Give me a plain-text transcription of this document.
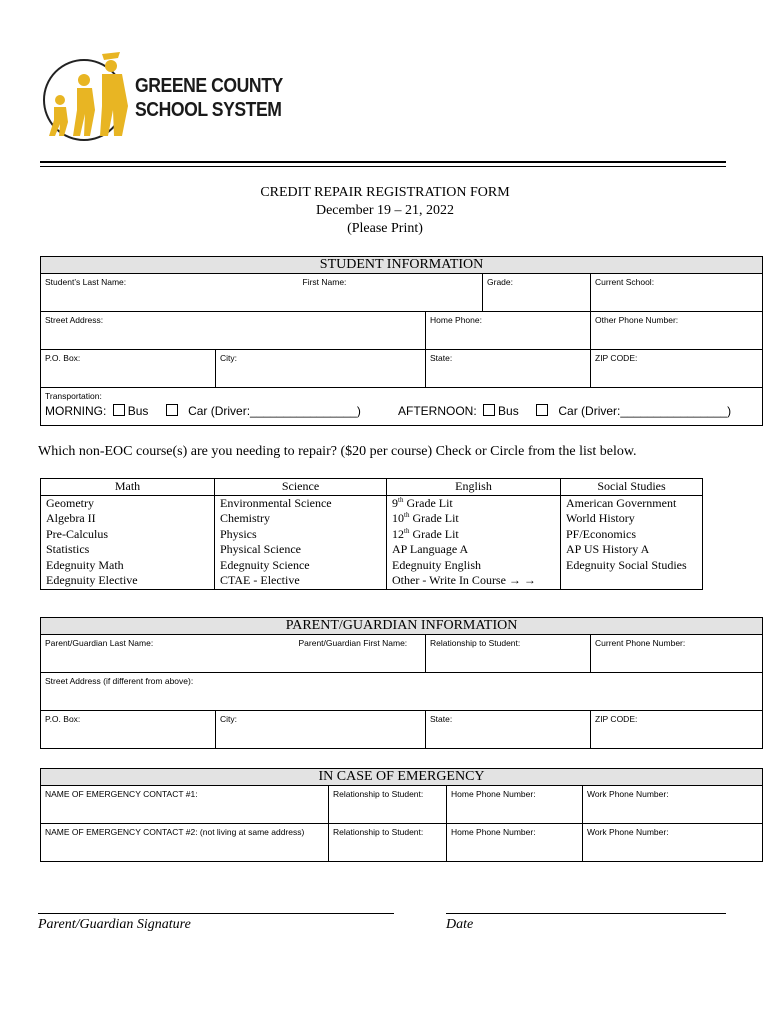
GREENE COUNTY
SCHOOL SYSTEM
CREDIT REPAIR REGISTRATION FORM
December 19 – 21, 2022
(Please Print)
STUDENT INFORMATION				
Student’s Last Name: First Name:			Grade:	Current School:
Street Address:		Home Phone:		Other Phone Number:
P.O. Box:	City:	State:		ZIP CODE:

Transportation:
MORNING: Bus Car (Driver:________________) AFTERNOON: Bus Car (Driver:________________)				
Which non-EOC course(s) are you needing to repair? ($20 per course) Check or Circle from the list below.
Math	Science	English	Social Studies
Geometry	Environmental Science	9th Grade Lit	American Government
Algebra II	Chemistry	10th Grade Lit	World History
Pre-Calculus	Physics	12th Grade Lit	PF/Economics
Statistics	Physical Science	AP Language A	AP US History A
Edegnuity Math	Edegnuity Science	Edegnuity English	Edegnuity Social Studies
Edegnuity Elective	CTAE - Elective	Other - Write In Course → →	
PARENT/GUARDIAN INFORMATION			
Parent/Guardian Last Name: Parent/Guardian First Name:		Relationship to Student:	Current Phone Number:
Street Address (if different from above):			
P.O. Box:	City:	State:	ZIP CODE:
IN CASE OF EMERGENCY			
NAME OF EMERGENCY CONTACT #1:	Relationship to Student:	Home Phone Number:	Work Phone Number:
NAME OF EMERGENCY CONTACT #2: (not living at same address)	Relationship to Student:	Home Phone Number:	Work Phone Number:
Parent/Guardian Signature	Date
